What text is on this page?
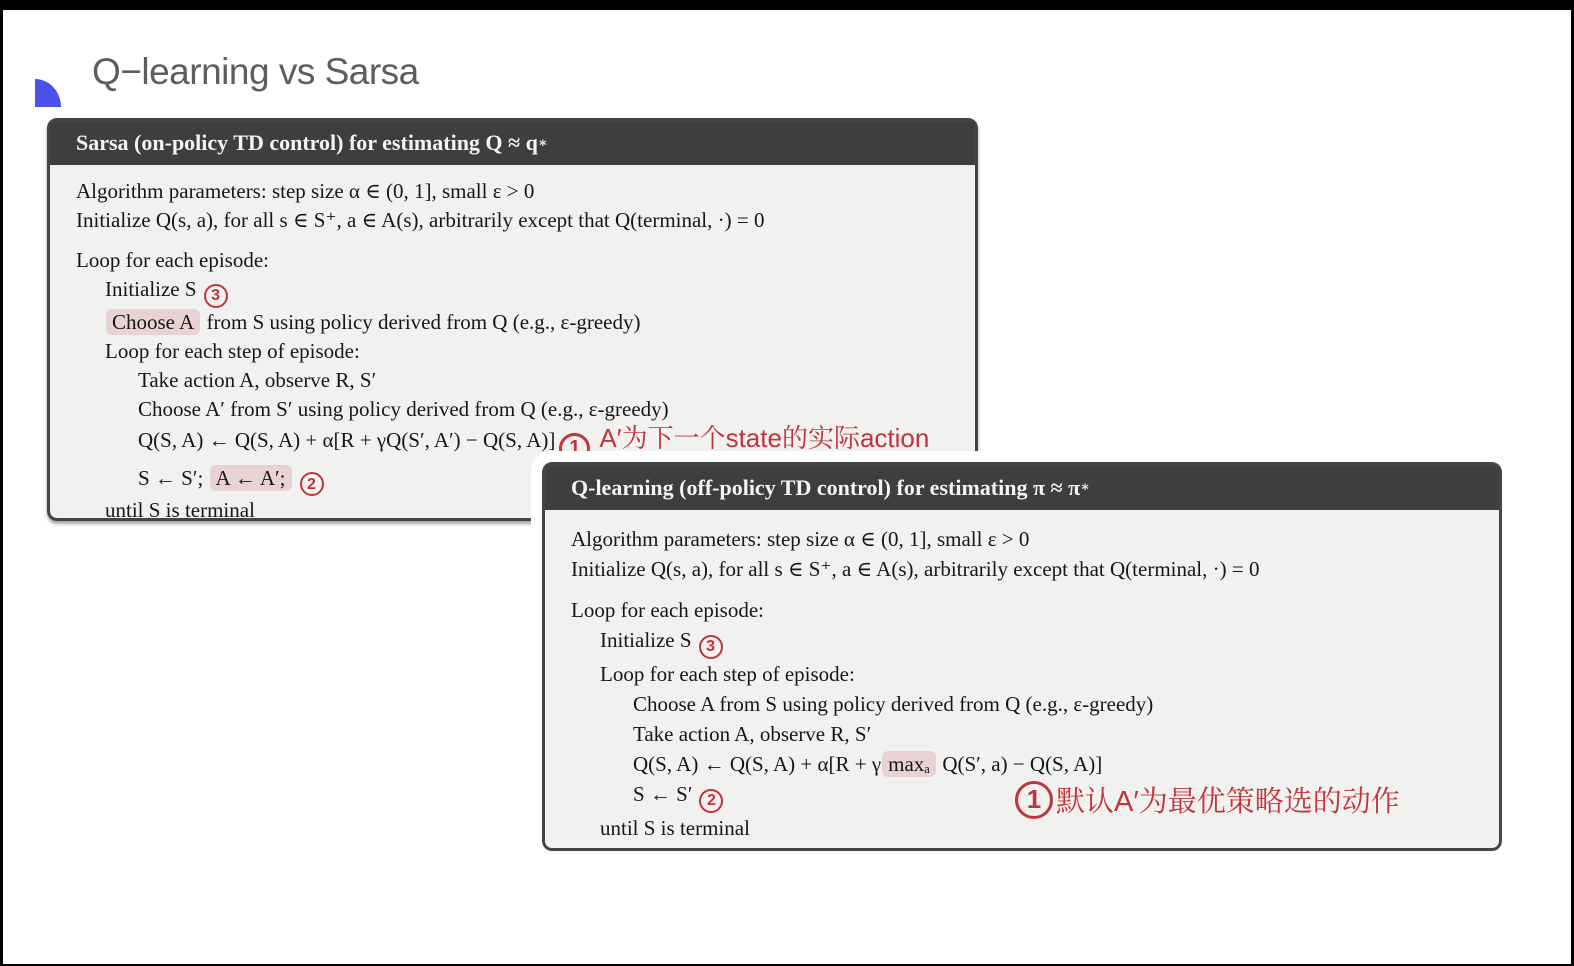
Q−learning vs Sarsa
Sarsa (on-policy TD control) for estimating Q ≈ q ∗
Algorithm parameters: step size α ∈ (0, 1], small ε > 0
Initialize Q(s, a), for all s ∈ S⁺, a ∈ A(s), arbitrarily except that Q(terminal, ·) = 0
Loop for each episode:
Initialize S 3
Choose A from S using policy derived from Q (e.g., ε-greedy)
Loop for each step of episode:
Take action A, observe R, S′
Choose A′ from S′ using policy derived from Q (e.g., ε-greedy)
Q(S, A) ← Q(S, A) + α[R + γQ(S′, A′) − Q(S, A)] 1 A′为下一个state的实际action
S ← S′; A ← A′; 2
until S is terminal
Q-learning (off-policy TD control) for estimating π ≈ π ∗
Algorithm parameters: step size α ∈ (0, 1], small ε > 0
Initialize Q(s, a), for all s ∈ S⁺, a ∈ A(s), arbitrarily except that Q(terminal, ·) = 0
Loop for each episode:
Initialize S 3
Loop for each step of episode:
Choose A from S using policy derived from Q (e.g., ε-greedy)
Take action A, observe R, S′
Q(S, A) ← Q(S, A) + α[R + γ maxₐ Q(S′, a) − Q(S, A)]
S ← S′ 2
until S is terminal
1 默认A′为最优策略选的动作
